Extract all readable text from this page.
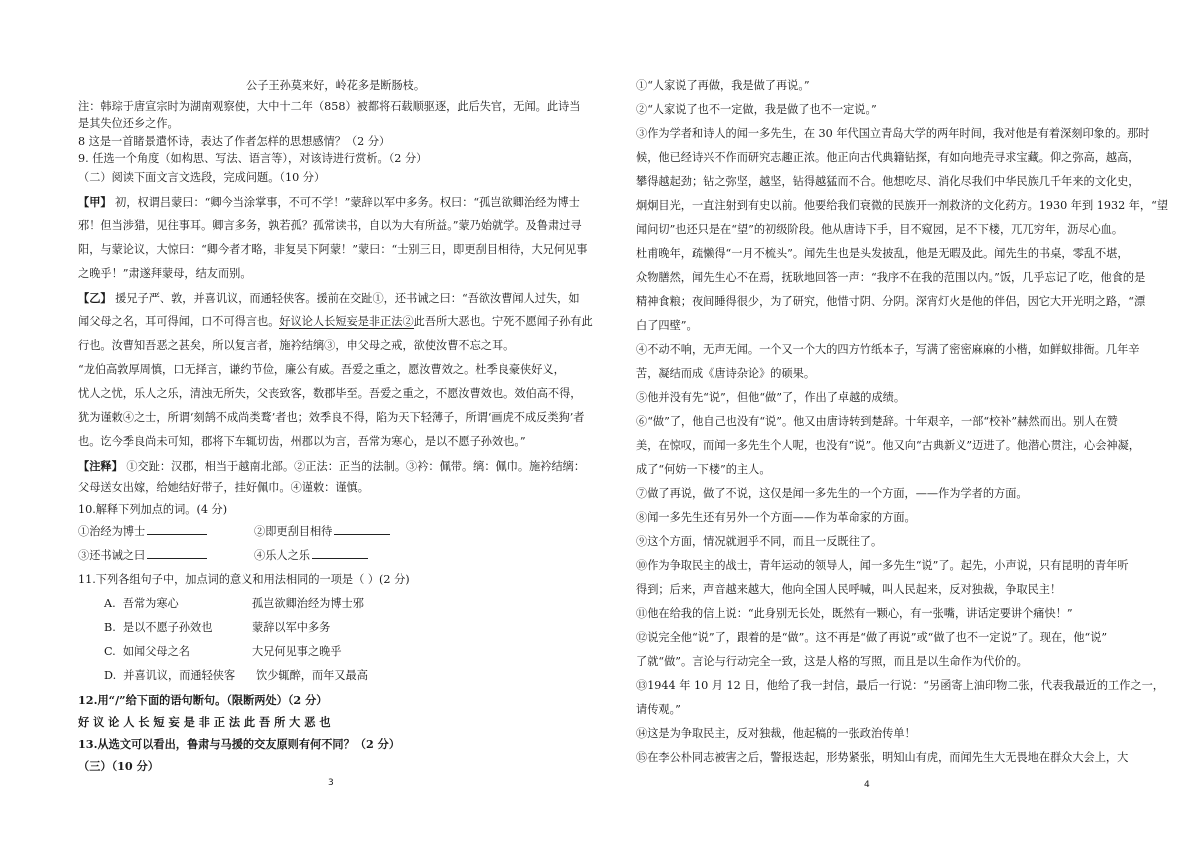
公子王孙莫来好，岭花多是断肠枝。
注：韩琮于唐宣宗时为湖南观察使，大中十二年（858）被都将石载顺驱逐，此后失官，无闻。此诗当
是其失位还乡之作。
8 这是一首睹景遣怀诗，表达了作者怎样的思想感情？（2 分）
9. 任选一个角度（如构思、写法、语言等），对该诗进行赏析。（2 分）
（二）阅读下面文言文选段，完成问题。（10 分）
【甲】 初，权谓吕蒙曰：“卿今当涂掌事，不可不学！”蒙辞以军中多务。权曰：“孤岂欲卿治经为博士
邪！但当涉猎，见往事耳。卿言多务，孰若孤？孤常读书，自以为大有所益。”蒙乃始就学。及鲁肃过寻
阳，与蒙论议，大惊曰：“卿今者才略，非复吴下阿蒙！”蒙曰：“士别三日，即更刮目相待，大兄何见事
之晚乎！”肃遂拜蒙母，结友而别。
【乙】 援兄子严、敦，并喜讥议，而通轻侠客。援前在交趾①，还书诫之曰：“吾欲汝曹闻人过失，如
闻父母之名，耳可得闻，口不可得言也。好议论人长短妄是非正法②此吾所大恶也。宁死不愿闻子孙有此
行也。汝曹知吾恶之甚矣，所以复言者，施衿结缡③，申父母之戒，欲使汝曹不忘之耳。
“龙伯高敦厚周慎，口无择言，谦约节俭，廉公有威。吾爱之重之，愿汝曹效之。杜季良豪侠好义，
忧人之忧，乐人之乐，清浊无所失，父丧致客，数郡毕至。吾爱之重之，不愿汝曹效也。效伯高不得，
犹为谨敕④之士，所谓‘刻鹄不成尚类鹜’者也；效季良不得，陷为天下轻薄子，所谓‘画虎不成反类狗’者
也。讫今季良尚未可知，郡将下车辄切齿，州郡以为言，吾常为寒心，是以不愿子孙效也。”
【注释】 ①交趾：汉郡，相当于越南北部。②正法：正当的法制。③衿：佩带。缡：佩巾。施衿结缡：
父母送女出嫁，给她结好带子，挂好佩巾。④谨敕：谨慎。
10.解释下列加点的词。(4 分)
①治经为博士	②即更刮目相待
③还书诫之曰	④乐人之乐
11.下列各组句子中，加点词的意义和用法相同的一项是（ ）(2 分)
A. 吾常为寒心	孤岂欲卿治经为博士邪
B. 是以不愿子孙效也	蒙辞以军中多务
C. 如闻父母之名	大兄何见事之晚乎
D. 并喜讥议，而通轻侠客 饮少辄醉，而年又最高
12.用“/”给下面的语句断句。（限断两处）（2 分）
好 议 论 人 长 短 妄 是 非 正 法 此 吾 所 大 恶 也
13.从选文可以看出，鲁肃与马援的交友原则有何不同？（2 分）
（三）（10 分）
3
①“人家说了再做，我是做了再说。”
②“人家说了也不一定做，我是做了也不一定说。”
③作为学者和诗人的闻一多先生，在 30 年代国立青岛大学的两年时间，我对他是有着深刻印象的。那时
候，他已经诗兴不作而研究志趣正浓。他正向古代典籍钻探，有如向地壳寻求宝藏。仰之弥高，越高，
攀得越起劲；钻之弥坚，越坚，钻得越猛而不合。他想吃尽、消化尽我们中华民族几千年来的文化史，
炯炯目光，一直注射到有史以前。他要给我们衰微的民族开一剂救济的文化药方。1930 年到 1932 年，“望
闻问切”也还只是在“望”的初级阶段。他从唐诗下手，目不窥园，足不下楼，兀兀穷年，沥尽心血。
杜甫晚年，疏懒得“一月不梳头”。闻先生也是头发披乱，他是无暇及此。闻先生的书桌，零乱不堪，
众物膳然，闻先生心不在焉，抚耿地回答一声：“我序不在我的范围以内。”饭，几乎忘记了吃，他食的是
精神食粮；夜间睡得很少，为了研究，他惜寸阴、分阴。深宵灯火是他的伴侣，因它大开光明之路，“漂
白了四壁”。
④不动不响，无声无闻。一个又一个大的四方竹纸本子，写满了密密麻麻的小楷，如鲜蚁排衙。几年辛
苦，凝结而成《唐诗杂论》的硕果。
⑤他并没有先“说”，但他“做”了，作出了卓越的成绩。
⑥“做”了，他自己也没有“说”。他又由唐诗转到楚辞。十年艰辛，一部“校补”赫然而出。别人在赞
美，在惊叹，而闻一多先生个人呢，也没有“说”。他又向“古典新义”迈进了。他潜心贯注，心会神凝，
成了“何妨一下楼”的主人。
⑦做了再说，做了不说，这仅是闻一多先生的一个方面，——作为学者的方面。
⑧闻一多先生还有另外一个方面——作为革命家的方面。
⑨这个方面，情况就迥乎不同，而且一反既往了。
⑩作为争取民主的战士，青年运动的领导人，闻一多先生“说”了。起先，小声说，只有昆明的青年听
得到；后来，声音越来越大，他向全国人民呼喊，叫人民起来，反对独裁，争取民主！
⑪他在给我的信上说：“此身别无长处，既然有一颗心，有一张嘴，讲话定要讲个痛快！”
⑫说完全他“说”了，跟着的是“做”。这不再是“做了再说”或“做了也不一定说”了。现在，他“说”
了就“做”。言论与行动完全一致，这是人格的写照，而且是以生命作为代价的。
⑬1944 年 10 月 12 日，他给了我一封信，最后一行说：“另函寄上油印物二张，代表我最近的工作之一，
请传观。”
⑭这是为争取民主，反对独裁，他起稿的一张政治传单！
⑮在李公朴同志被害之后，警报迭起，形势紧张，明知山有虎，而闻先生大无畏地在群众大会上，大
4
